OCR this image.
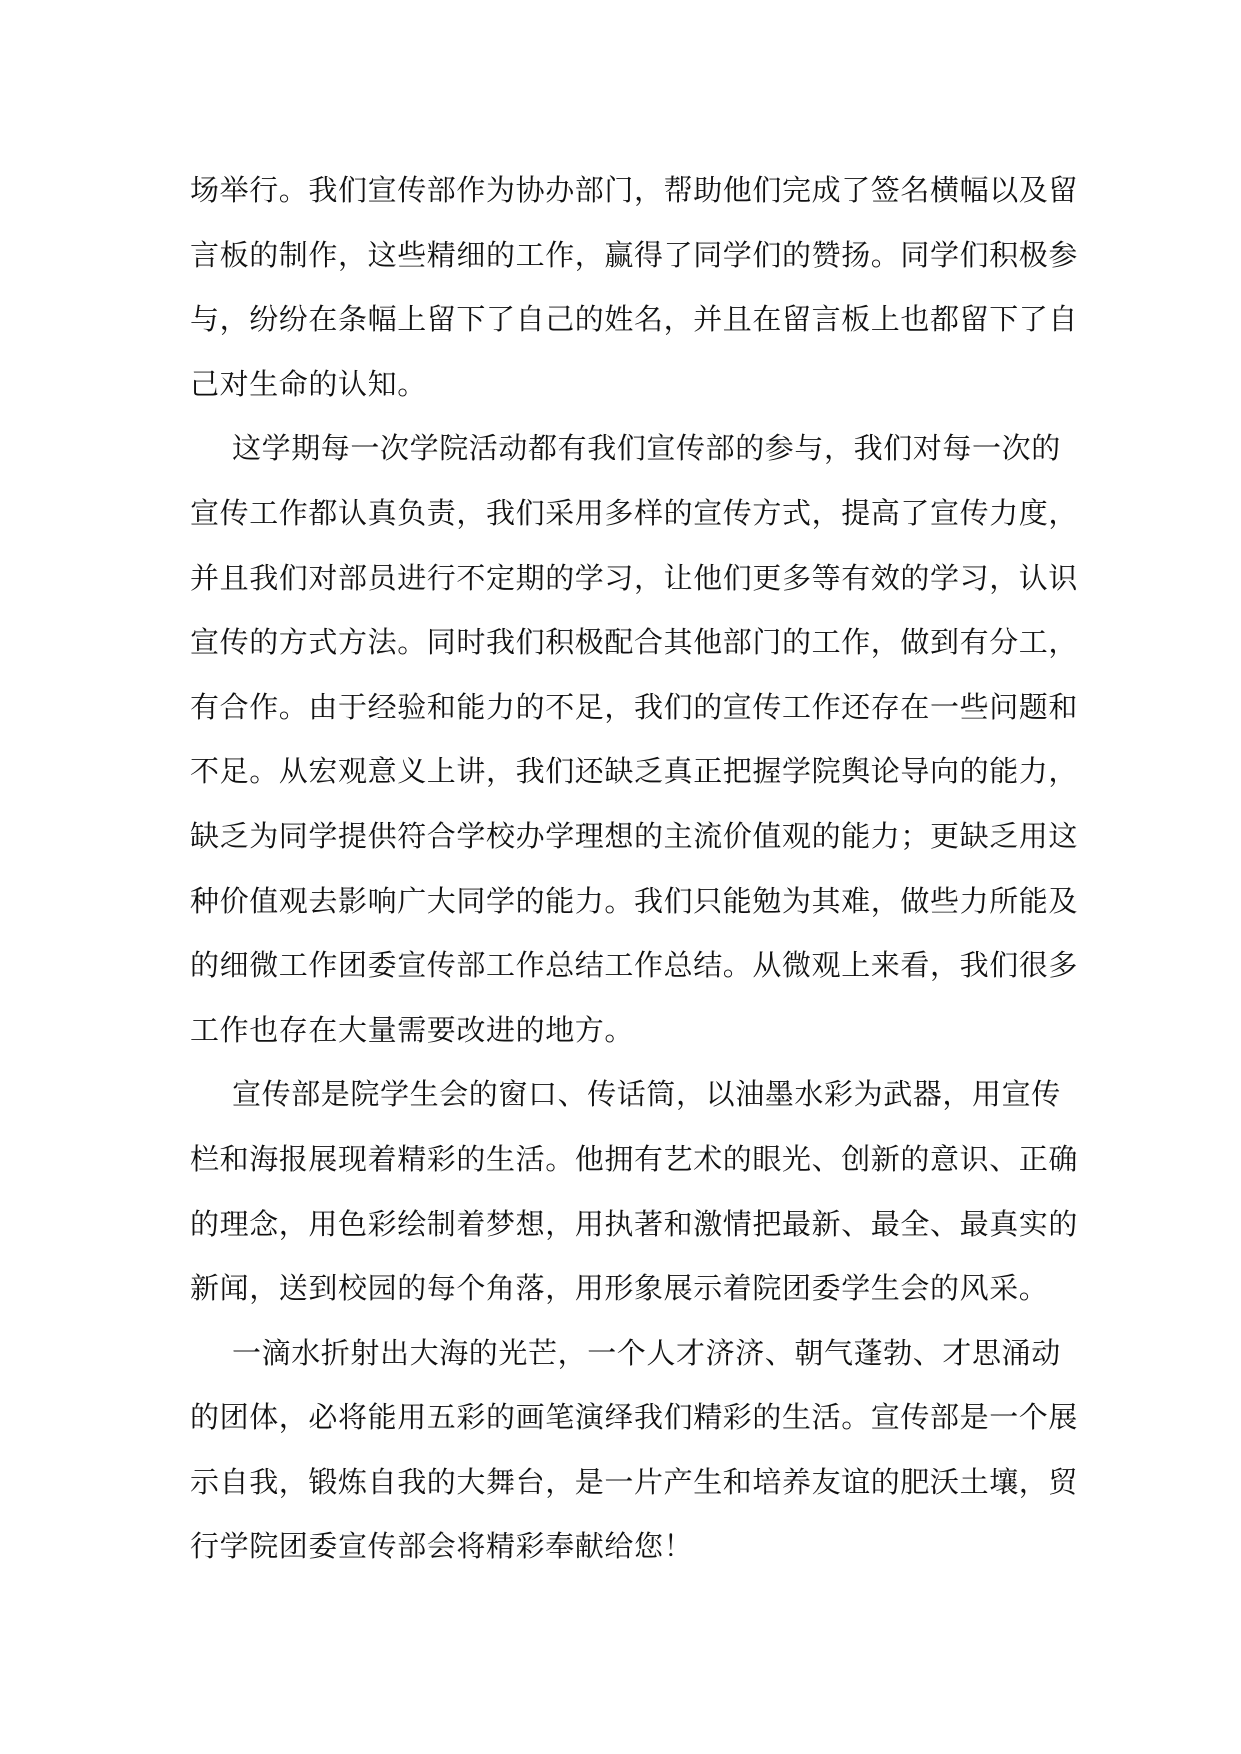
场举行。我们宣传部作为协办部门，帮助他们完成了签名横幅以及留
言板的制作，这些精细的工作，赢得了同学们的赞扬。同学们积极参
与，纷纷在条幅上留下了自己的姓名，并且在留言板上也都留下了自
己对生命的认知。
这学期每一次学院活动都有我们宣传部的参与，我们对每一次的
宣传工作都认真负责，我们采用多样的宣传方式，提高了宣传力度，
并且我们对部员进行不定期的学习，让他们更多等有效的学习，认识
宣传的方式方法。同时我们积极配合其他部门的工作，做到有分工，
有合作。由于经验和能力的不足，我们的宣传工作还存在一些问题和
不足。从宏观意义上讲，我们还缺乏真正把握学院舆论导向的能力，
缺乏为同学提供符合学校办学理想的主流价值观的能力；更缺乏用这
种价值观去影响广大同学的能力。我们只能勉为其难，做些力所能及
的细微工作团委宣传部工作总结工作总结。从微观上来看，我们很多
工作也存在大量需要改进的地方。
宣传部是院学生会的窗口、传话筒，以油墨水彩为武器，用宣传
栏和海报展现着精彩的生活。他拥有艺术的眼光、创新的意识、正确
的理念，用色彩绘制着梦想，用执著和激情把最新、最全、最真实的
新闻，送到校园的每个角落，用形象展示着院团委学生会的风采。
一滴水折射出大海的光芒，一个人才济济、朝气蓬勃、才思涌动
的团体，必将能用五彩的画笔演绎我们精彩的生活。宣传部是一个展
示自我，锻炼自我的大舞台，是一片产生和培养友谊的肥沃土壤，贸
行学院团委宣传部会将精彩奉献给您！
